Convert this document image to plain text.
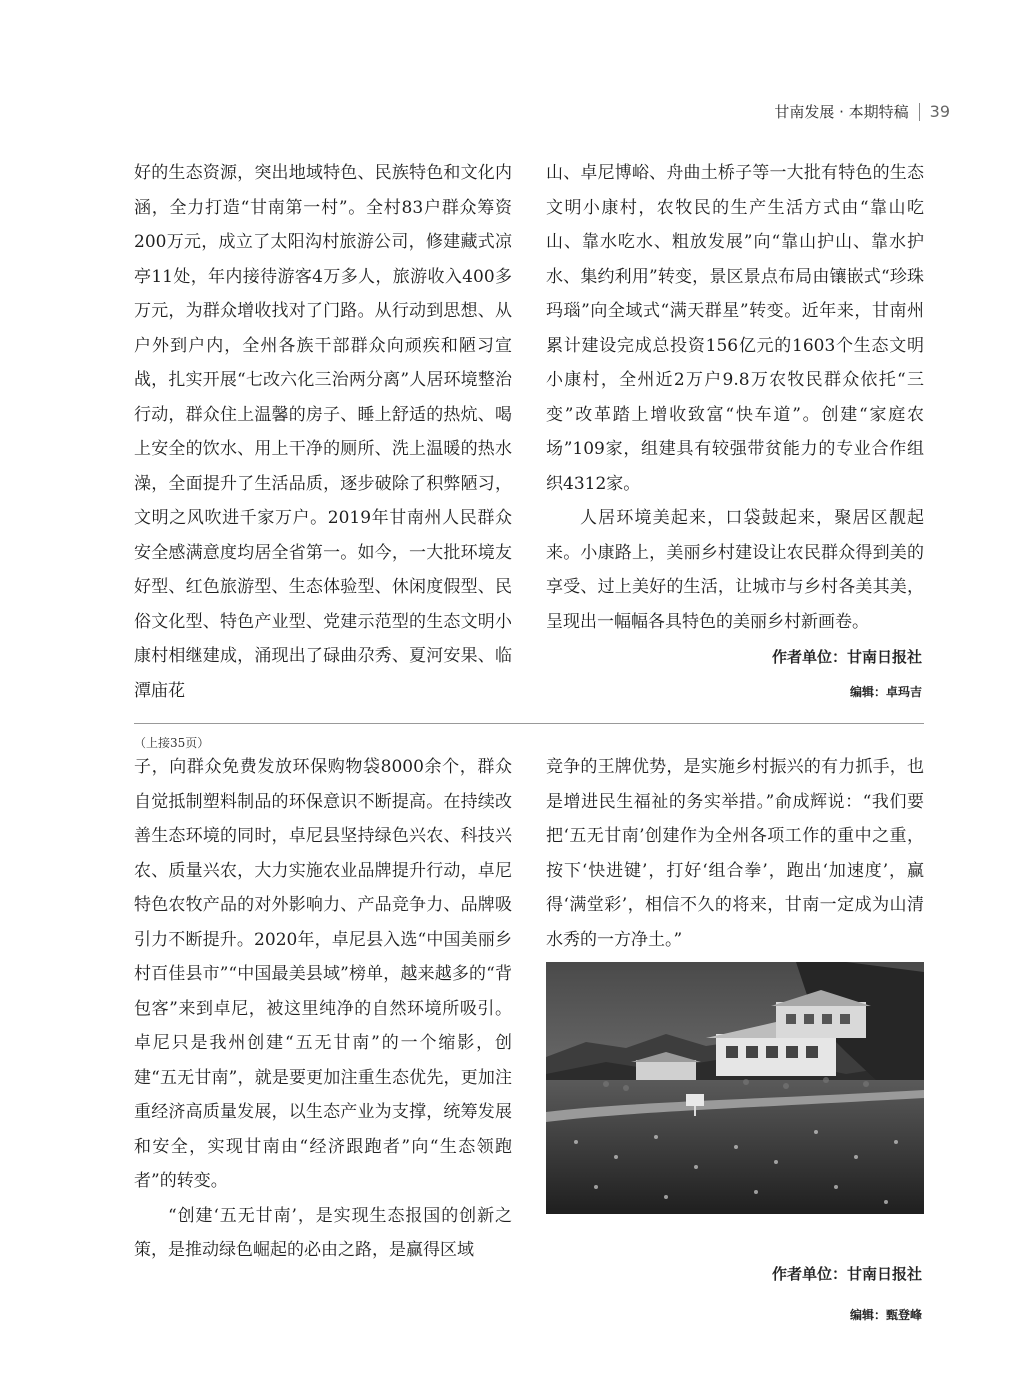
甘南发展 · 本期特稿 39

好的生态资源，突出地域特色、民族特色和文化内涵，全力打造“甘南第一村”。全村83户群众筹资200万元，成立了太阳沟村旅游公司，修建藏式凉亭11处，年内接待游客4万多人，旅游收入400多万元，为群众增收找对了门路。从行动到思想、从户外到户内，全州各族干部群众向顽疾和陋习宣战，扎实开展“七改六化三治两分离”人居环境整治行动，群众住上温馨的房子、睡上舒适的热炕、喝上安全的饮水、用上干净的厕所、洗上温暖的热水澡，全面提升了生活品质，逐步破除了积弊陋习，文明之风吹进千家万户。2019年甘南州人民群众安全感满意度均居全省第一。如今，一大批环境友好型、红色旅游型、生态体验型、休闲度假型、民俗文化型、特色产业型、党建示范型的生态文明小康村相继建成，涌现出了碌曲尕秀、夏河安果、临潭庙花

山、卓尼博峪、舟曲土桥子等一大批有特色的生态文明小康村，农牧民的生产生活方式由“靠山吃山、靠水吃水、粗放发展”向“靠山护山、靠水护水、集约利用”转变，景区景点布局由镶嵌式“珍珠玛瑙”向全域式“满天群星”转变。近年来，甘南州累计建设完成总投资156亿元的1603个生态文明小康村，全州近2万户9.8万农牧民群众依托“三变”改革踏上增收致富“快车道”。创建“家庭农场”109家，组建具有较强带贫能力的专业合作组织4312家。

人居环境美起来，口袋鼓起来，聚居区靓起来。小康路上，美丽乡村建设让农民群众得到美的享受、过上美好的生活，让城市与乡村各美其美，呈现出一幅幅各具特色的美丽乡村新画卷。

作者单位：甘南日报社
编辑：卓玛吉
（上接35页）

子，向群众免费发放环保购物袋8000余个，群众自觉抵制塑料制品的环保意识不断提高。在持续改善生态环境的同时，卓尼县坚持绿色兴农、科技兴农、质量兴农，大力实施农业品牌提升行动，卓尼特色农牧产品的对外影响力、产品竞争力、品牌吸引力不断提升。2020年，卓尼县入选“中国美丽乡村百佳县市”“中国最美县域”榜单，越来越多的“背包客”来到卓尼，被这里纯净的自然环境所吸引。卓尼只是我州创建“五无甘南”的一个缩影，创建“五无甘南”，就是要更加注重生态优先，更加注重经济高质量发展，以生态产业为支撑，统筹发展和安全，实现甘南由“经济跟跑者”向“生态领跑者”的转变。

“创建‘五无甘南’，是实现生态报国的创新之策，是推动绿色崛起的必由之路，是赢得区域

竞争的王牌优势，是实施乡村振兴的有力抓手，也是增进民生福祉的务实举措。”俞成辉说：“我们要把‘五无甘南’创建作为全州各项工作的重中之重，按下‘快进键’，打好‘组合拳’，跑出‘加速度’，赢得‘满堂彩’，相信不久的将来，甘南一定成为山清水秀的一方净土。”

作者单位：甘南日报社
编辑：甄登峰
